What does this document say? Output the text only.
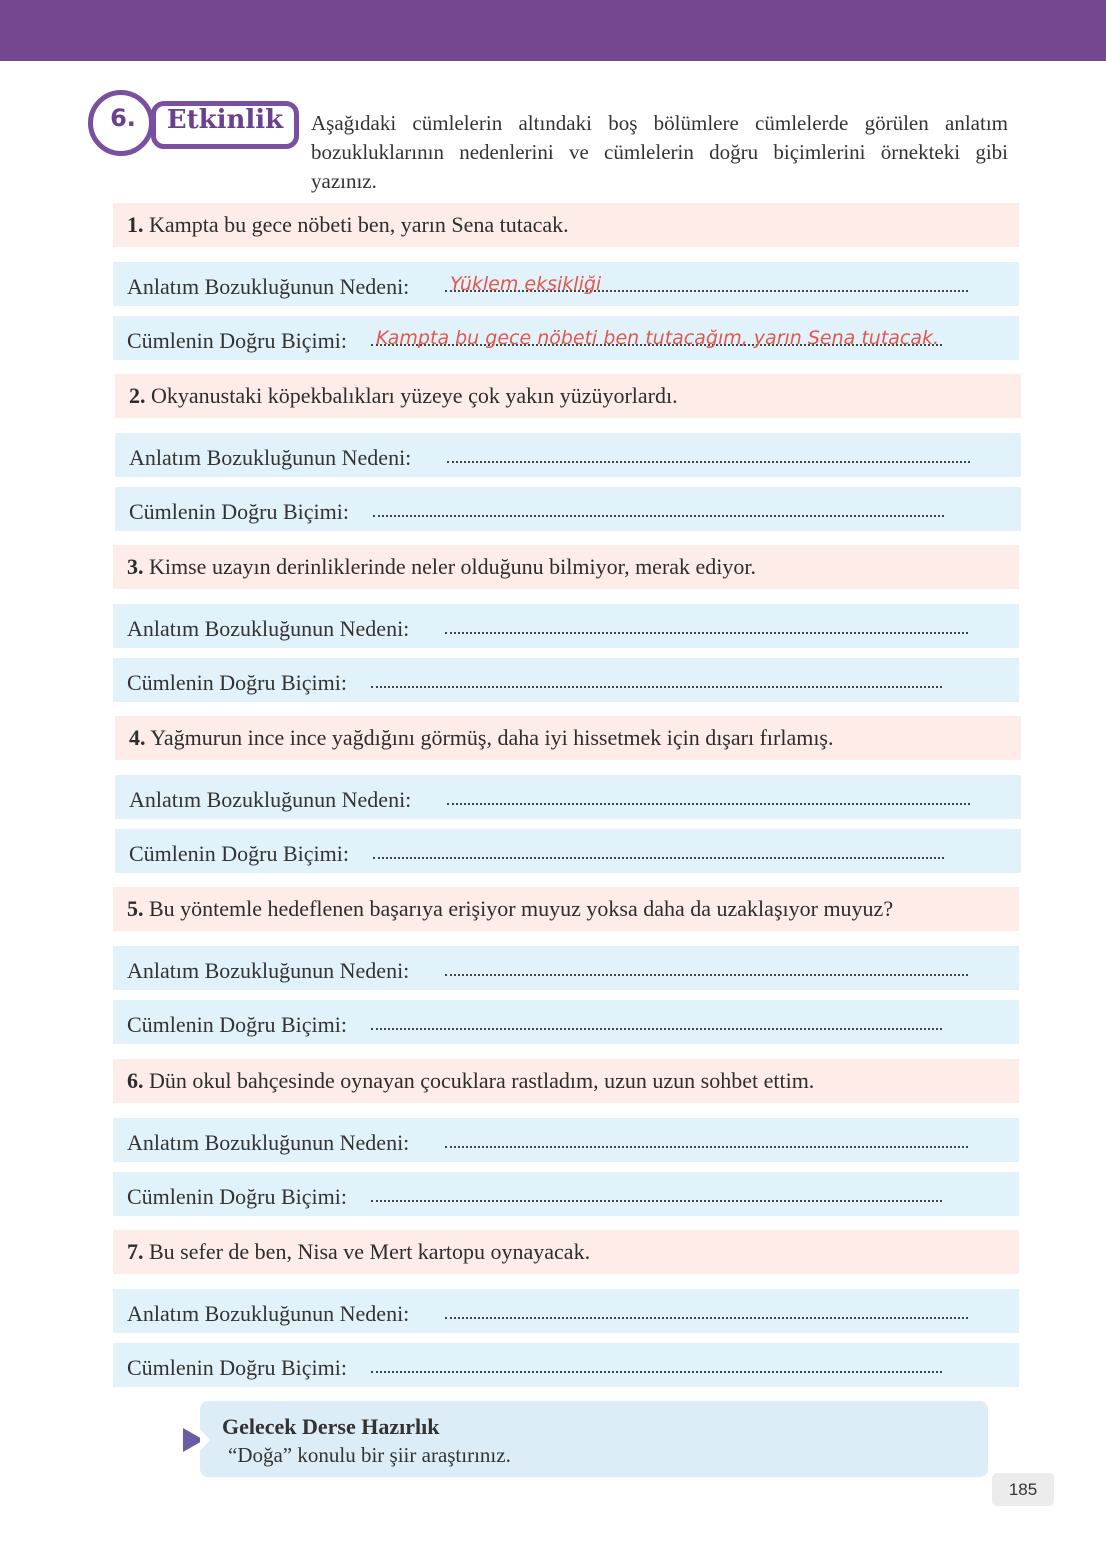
6.	Etkinlik	Aşağıdaki cümlelerin altındaki boş bölümlere cümlelerde görülen anlatım bozukluklarının nedenlerini ve cümlelerin doğru biçimlerini örnekteki gibi yazınız.
1. Kampta bu gece nöbeti ben, yarın Sena tutacak.
Anlatım Bozukluğunun Nedeni: Yüklem eksikliği
Cümlenin Doğru Biçimi: Kampta bu gece nöbeti ben tutacağım, yarın Sena tutacak.
2. Okyanustaki köpekbalıkları yüzeye çok yakın yüzüyorlardı.
Anlatım Bozukluğunun Nedeni:
Cümlenin Doğru Biçimi:
3. Kimse uzayın derinliklerinde neler olduğunu bilmiyor, merak ediyor.
Anlatım Bozukluğunun Nedeni:
Cümlenin Doğru Biçimi:
4. Yağmurun ince ince yağdığını görmüş, daha iyi hissetmek için dışarı fırlamış.
Anlatım Bozukluğunun Nedeni:
Cümlenin Doğru Biçimi:
5. Bu yöntemle hedeflenen başarıya erişiyor muyuz yoksa daha da uzaklaşıyor muyuz?
Anlatım Bozukluğunun Nedeni:
Cümlenin Doğru Biçimi:
6. Dün okul bahçesinde oynayan çocuklara rastladım, uzun uzun sohbet ettim.
Anlatım Bozukluğunun Nedeni:
Cümlenin Doğru Biçimi:
7. Bu sefer de ben, Nisa ve Mert kartopu oynayacak.
Anlatım Bozukluğunun Nedeni:
Cümlenin Doğru Biçimi:
Gelecek Derse Hazırlık
“Doğa” konulu bir şiir araştırınız.
185
